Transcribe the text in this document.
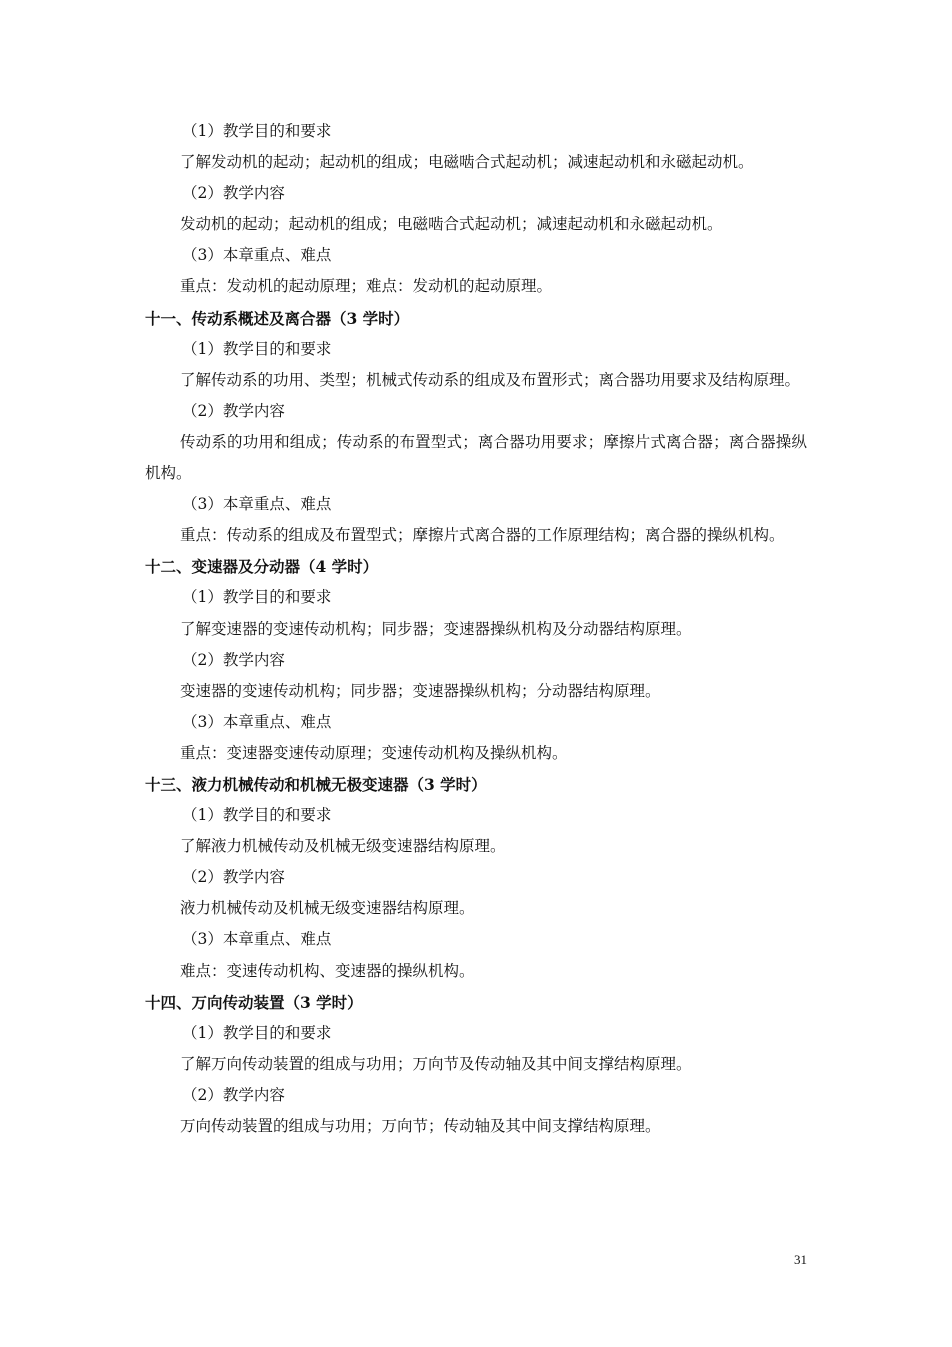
（1）教学目的和要求

了解发动机的起动；起动机的组成；电磁啮合式起动机；减速起动机和永磁起动机。

（2）教学内容

发动机的起动；起动机的组成；电磁啮合式起动机；减速起动机和永磁起动机。

（3）本章重点、难点

重点：发动机的起动原理；难点：发动机的起动原理。

十一、传动系概述及离合器（3 学时）

（1）教学目的和要求

了解传动系的功用、类型；机械式传动系的组成及布置形式；离合器功用要求及结构原理。

（2）教学内容

传动系的功用和组成；传动系的布置型式；离合器功用要求；摩擦片式离合器；离合器操纵机构。

（3）本章重点、难点

重点：传动系的组成及布置型式；摩擦片式离合器的工作原理结构；离合器的操纵机构。

十二、变速器及分动器（4 学时）

（1）教学目的和要求

了解变速器的变速传动机构；同步器；变速器操纵机构及分动器结构原理。

（2）教学内容

变速器的变速传动机构；同步器；变速器操纵机构；分动器结构原理。

（3）本章重点、难点

重点：变速器变速传动原理；变速传动机构及操纵机构。

十三、液力机械传动和机械无极变速器（3 学时）

（1）教学目的和要求

了解液力机械传动及机械无级变速器结构原理。

（2）教学内容

液力机械传动及机械无级变速器结构原理。

（3）本章重点、难点

难点：变速传动机构、变速器的操纵机构。

十四、万向传动装置（3 学时）

（1）教学目的和要求

了解万向传动装置的组成与功用；万向节及传动轴及其中间支撑结构原理。

（2）教学内容

万向传动装置的组成与功用；万向节；传动轴及其中间支撑结构原理。

31
